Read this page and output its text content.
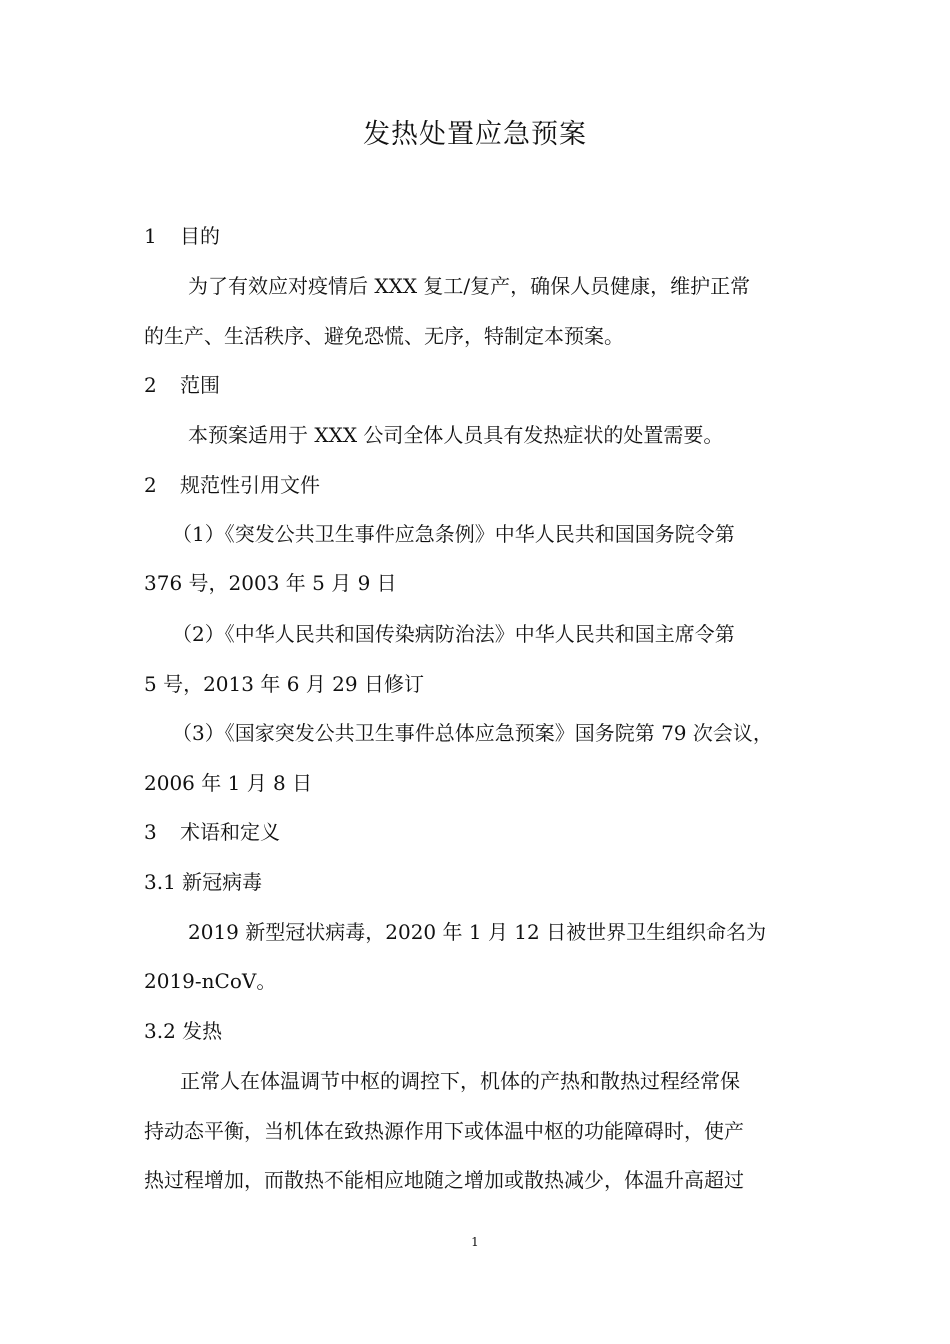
发热处置应急预案
1 目的
为了有效应对疫情后 XXX 复工/复产，确保人员健康，维护正常
的生产、生活秩序、避免恐慌、无序，特制定本预案。
2 范围
本预案适用于 XXX 公司全体人员具有发热症状的处置需要。
2 规范性引用文件
（1）《突发公共卫生事件应急条例》中华人民共和国国务院令第
376 号，2003 年 5 月 9 日
（2）《中华人民共和国传染病防治法》中华人民共和国主席令第
5 号，2013 年 6 月 29 日修订
（3）《国家突发公共卫生事件总体应急预案》国务院第 79 次会议，
2006 年 1 月 8 日
3 术语和定义
3.1 新冠病毒
2019 新型冠状病毒，2020 年 1 月 12 日被世界卫生组织命名为
2019-nCoV。
3.2 发热
正常人在体温调节中枢的调控下，机体的产热和散热过程经常保
持动态平衡，当机体在致热源作用下或体温中枢的功能障碍时，使产
热过程增加，而散热不能相应地随之增加或散热减少，体温升高超过
1
